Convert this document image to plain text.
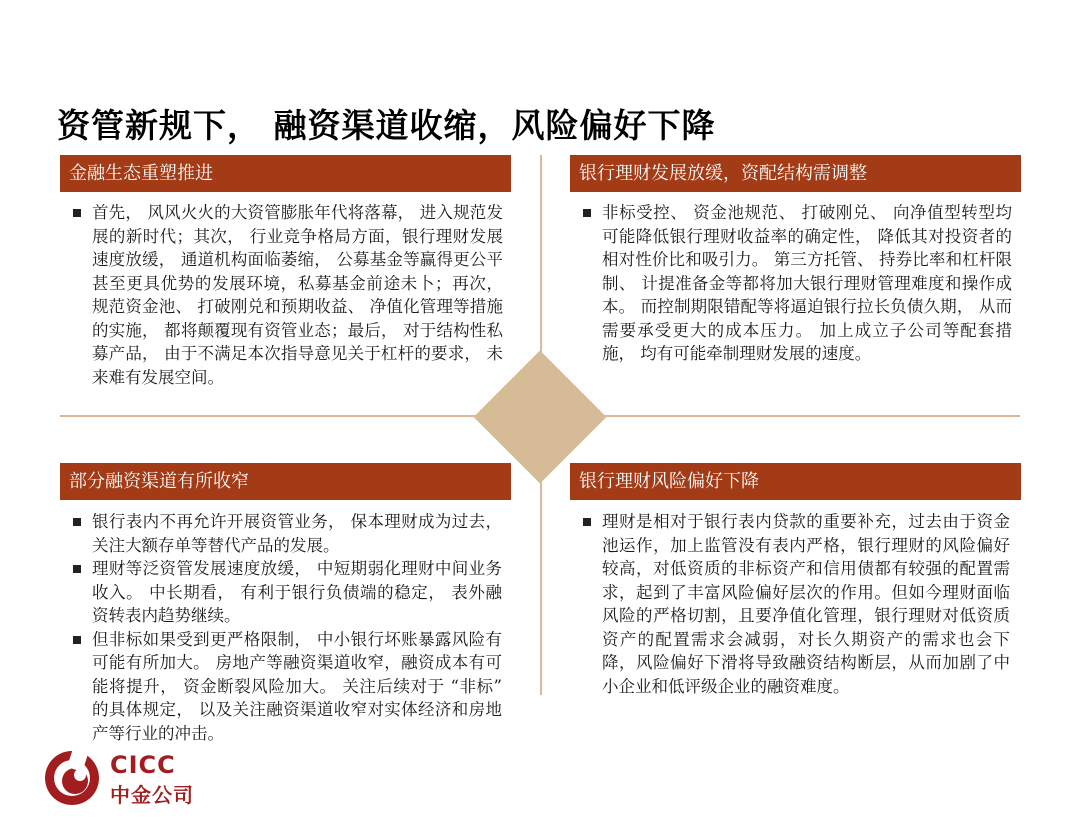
资管新规下， 融资渠道收缩，风险偏好下降
金融生态重塑推进
首先， 风风火火的大资管膨胀年代将落幕， 进入规范发展的新时代；其次， 行业竞争格局方面，银行理财发展速度放缓， 通道机构面临萎缩， 公募基金等赢得更公平甚至更具优势的发展环境，私募基金前途未卜；再次， 规范资金池、 打破刚兑和预期收益、 净值化管理等措施的实施， 都将颠覆现有资管业态；最后， 对于结构性私募产品， 由于不满足本次指导意见关于杠杆的要求， 未来难有发展空间。
银行理财发展放缓，资配结构需调整
非标受控、 资金池规范、 打破刚兑、 向净值型转型均可能降低银行理财收益率的确定性， 降低其对投资者的相对性价比和吸引力。 第三方托管、 持券比率和杠杆限制、 计提准备金等都将加大银行理财管理难度和操作成本。 而控制期限错配等将逼迫银行拉长负债久期， 从而需要承受更大的成本压力。 加上成立子公司等配套措施， 均有可能牵制理财发展的速度。
部分融资渠道有所收窄
银行表内不再允许开展资管业务， 保本理财成为过去， 关注大额存单等替代产品的发展。
理财等泛资管发展速度放缓， 中短期弱化理财中间业务收入。 中长期看， 有利于银行负债端的稳定， 表外融资转表内趋势继续。
但非标如果受到更严格限制， 中小银行坏账暴露风险有可能有所加大。 房地产等融资渠道收窄，融资成本有可能将提升， 资金断裂风险加大。 关注后续对于 “非标” 的具体规定， 以及关注融资渠道收窄对实体经济和房地产等行业的冲击。
银行理财风险偏好下降
理财是相对于银行表内贷款的重要补充，过去由于资金池运作，加上监管没有表内严格，银行理财的风险偏好较高，对低资质的非标资产和信用债都有较强的配置需求，起到了丰富风险偏好层次的作用。但如今理财面临风险的严格切割，且要净值化管理，银行理财对低资质资产的配置需求会减弱，对长久期资产的需求也会下降，风险偏好下滑将导致融资结构断层，从而加剧了中小企业和低评级企业的融资难度。
CICC
中金公司
